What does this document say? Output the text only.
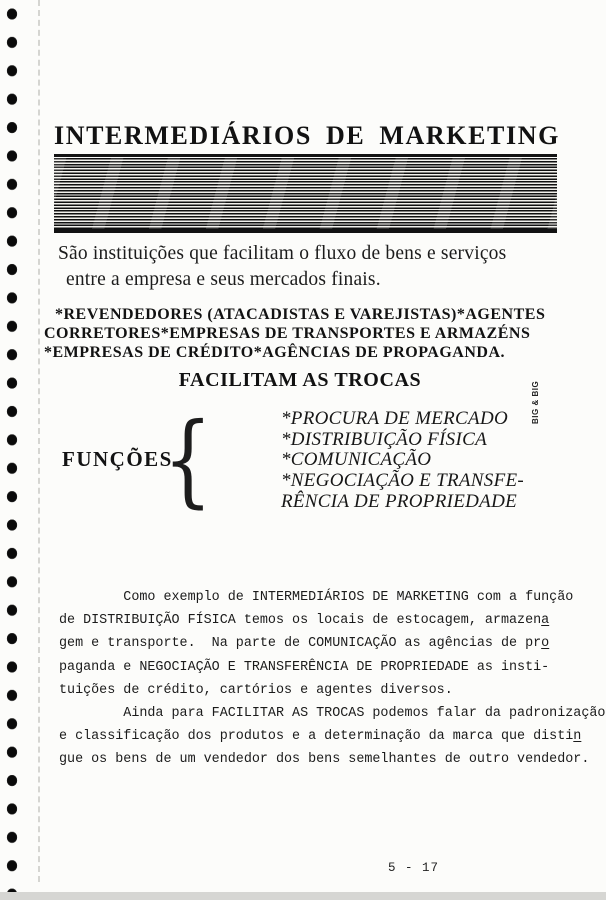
INTERMEDIÁRIOS DE MARKETING
São instituições que facilitam o fluxo de bens e serviços
entre a empresa e seus mercados finais.
*REVENDEDORES (ATACADISTAS E VAREJISTAS)*AGENTES
CORRETORES*EMPRESAS DE TRANSPORTES E ARMAZÉNS
*EMPRESAS DE CRÉDITO*AGÊNCIAS DE PROPAGANDA.
FACILITAM AS TROCAS
BIG & BIG
FUNÇÕES
{	*PROCURA DE MERCADO
*DISTRIBUIÇÃO FÍSICA
*COMUNICAÇÃO
*NEGOCIAÇÃO E TRANSFE-
RÊNCIA DE PROPRIEDADE
Como exemplo de INTERMEDIÁRIOS DE MARKETING com a função
de DISTRIBUIÇÃO FÍSICA temos os locais de estocagem, armazena
gem e transporte.  Na parte de COMUNICAÇÃO as agências de pro
paganda e NEGOCIAÇÃO E TRANSFERÊNCIA DE PROPRIEDADE as insti-
tuições de crédito, cartórios e agentes diversos.
Ainda para FACILITAR AS TROCAS podemos falar da padronização
e classificação dos produtos e a determinação da marca que distin
gue os bens de um vendedor dos bens semelhantes de outro vendedor.
5 - 17
